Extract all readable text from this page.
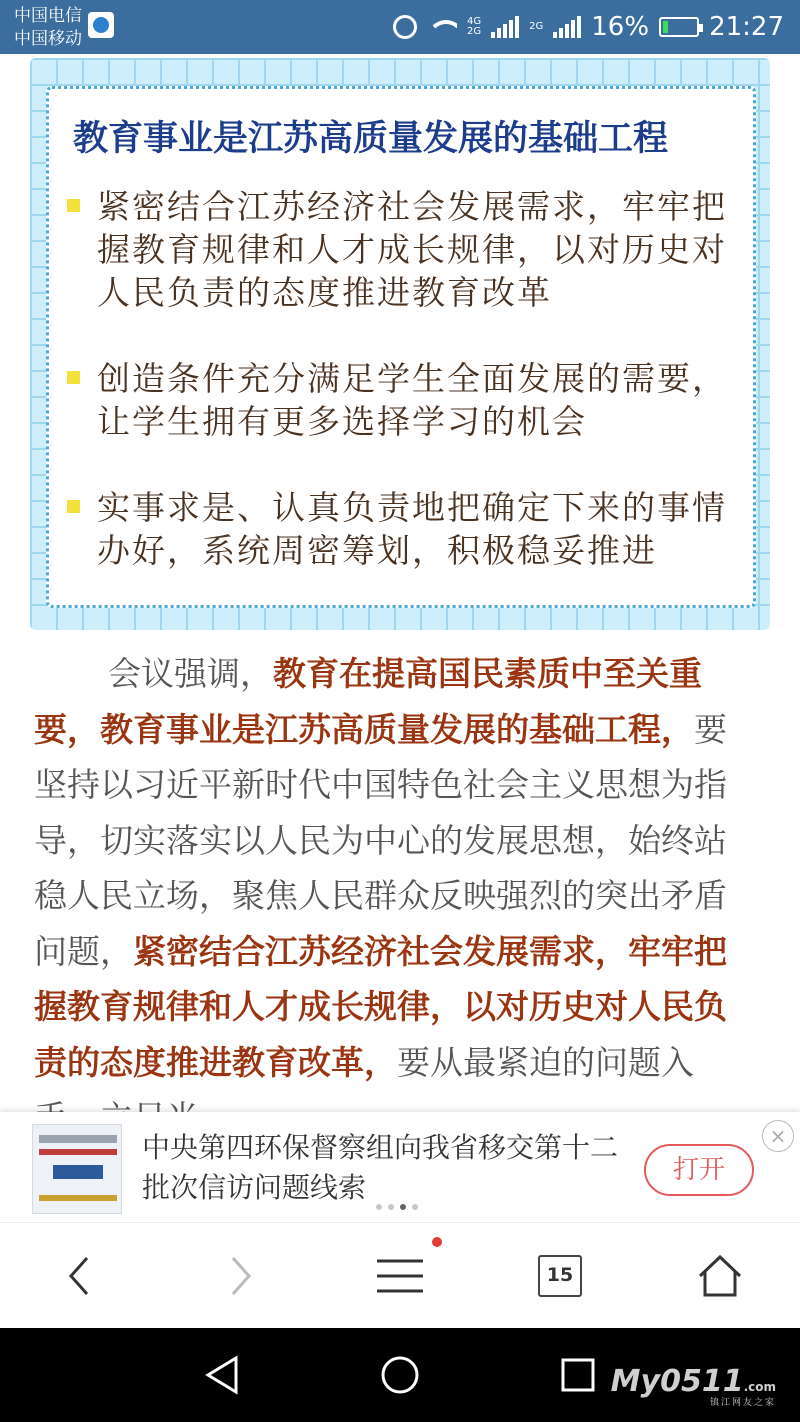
中国电信
中国移动
4G
2G	2G 16% 21:27
教育事业是江苏高质量发展的基础工程
紧密结合江苏经济社会发展需求，牢牢把握教育规律和人才成长规律，以对历史对人民负责的态度推进教育改革
创造条件充分满足学生全面发展的需要，让学生拥有更多选择学习的机会
实事求是、认真负责地把确定下来的事情办好，系统周密筹划，积极稳妥推进
会议强调，教育在提高国民素质中至关重要，教育事业是江苏高质量发展的基础工程，要坚持以习近平新时代中国特色社会主义思想为指导，切实落实以人民为中心的发展思想，始终站稳人民立场，聚焦人民群众反映强烈的突出矛盾问题，紧密结合江苏经济社会发展需求，牢牢把握教育规律和人才成长规律，以对历史对人民负责的态度推进教育改革，要从最紧迫的问题入
中央第四环保督察组向我省移交第十二批次信访问题线索
打开
×
15
My0511.com
镇江网友之家
